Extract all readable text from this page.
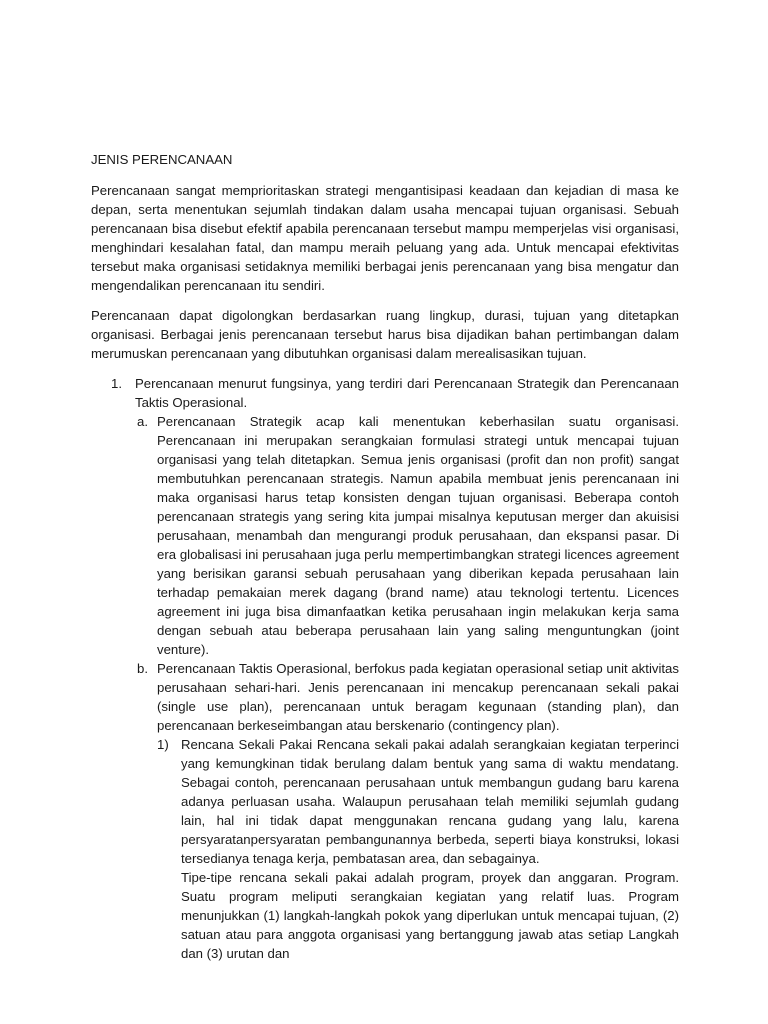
JENIS PERENCANAAN

Perencanaan sangat memprioritaskan strategi mengantisipasi keadaan dan kejadian di masa ke depan, serta menentukan sejumlah tindakan dalam usaha mencapai tujuan organisasi. Sebuah perencanaan bisa disebut efektif apabila perencanaan tersebut mampu memperjelas visi organisasi, menghindari kesalahan fatal, dan mampu meraih peluang yang ada. Untuk mencapai efektivitas tersebut maka organisasi setidaknya memiliki berbagai jenis perencanaan yang bisa mengatur dan mengendalikan perencanaan itu sendiri.

Perencanaan dapat digolongkan berdasarkan ruang lingkup, durasi, tujuan yang ditetapkan organisasi. Berbagai jenis perencanaan tersebut harus bisa dijadikan bahan pertimbangan dalam merumuskan perencanaan yang dibutuhkan organisasi dalam merealisasikan tujuan.

1. Perencanaan menurut fungsinya, yang terdiri dari Perencanaan Strategik dan Perencanaan Taktis Operasional.

a. Perencanaan Strategik acap kali menentukan keberhasilan suatu organisasi. Perencanaan ini merupakan serangkaian formulasi strategi untuk mencapai tujuan organisasi yang telah ditetapkan. Semua jenis organisasi (profit dan non profit) sangat membutuhkan perencanaan strategis. Namun apabila membuat jenis perencanaan ini maka organisasi harus tetap konsisten dengan tujuan organisasi. Beberapa contoh perencanaan strategis yang sering kita jumpai misalnya keputusan merger dan akuisisi perusahaan, menambah dan mengurangi produk perusahaan, dan ekspansi pasar. Di era globalisasi ini perusahaan juga perlu mempertimbangkan strategi licences agreement yang berisikan garansi sebuah perusahaan yang diberikan kepada perusahaan lain terhadap pemakaian merek dagang (brand name) atau teknologi tertentu. Licences agreement ini juga bisa dimanfaatkan ketika perusahaan ingin melakukan kerja sama dengan sebuah atau beberapa perusahaan lain yang saling menguntungkan (joint venture).

b. Perencanaan Taktis Operasional, berfokus pada kegiatan operasional setiap unit aktivitas perusahaan sehari-hari. Jenis perencanaan ini mencakup perencanaan sekali pakai (single use plan), perencanaan untuk beragam kegunaan (standing plan), dan perencanaan berkeseimbangan atau berskenario (contingency plan).

1) Rencana Sekali Pakai Rencana sekali pakai adalah serangkaian kegiatan terperinci yang kemungkinan tidak berulang dalam bentuk yang sama di waktu mendatang. Sebagai contoh, perencanaan perusahaan untuk membangun gudang baru karena adanya perluasan usaha. Walaupun perusahaan telah memiliki sejumlah gudang lain, hal ini tidak dapat menggunakan rencana gudang yang lalu, karena persyaratanpersyaratan pembangunannya berbeda, seperti biaya konstruksi, lokasi tersedianya tenaga kerja, pembatasan area, dan sebagainya.

Tipe-tipe rencana sekali pakai adalah program, proyek dan anggaran. Program. Suatu program meliputi serangkaian kegiatan yang relatif luas. Program menunjukkan (1) langkah-langkah pokok yang diperlukan untuk mencapai tujuan, (2) satuan atau para anggota organisasi yang bertanggung jawab atas setiap Langkah dan (3) urutan dan
